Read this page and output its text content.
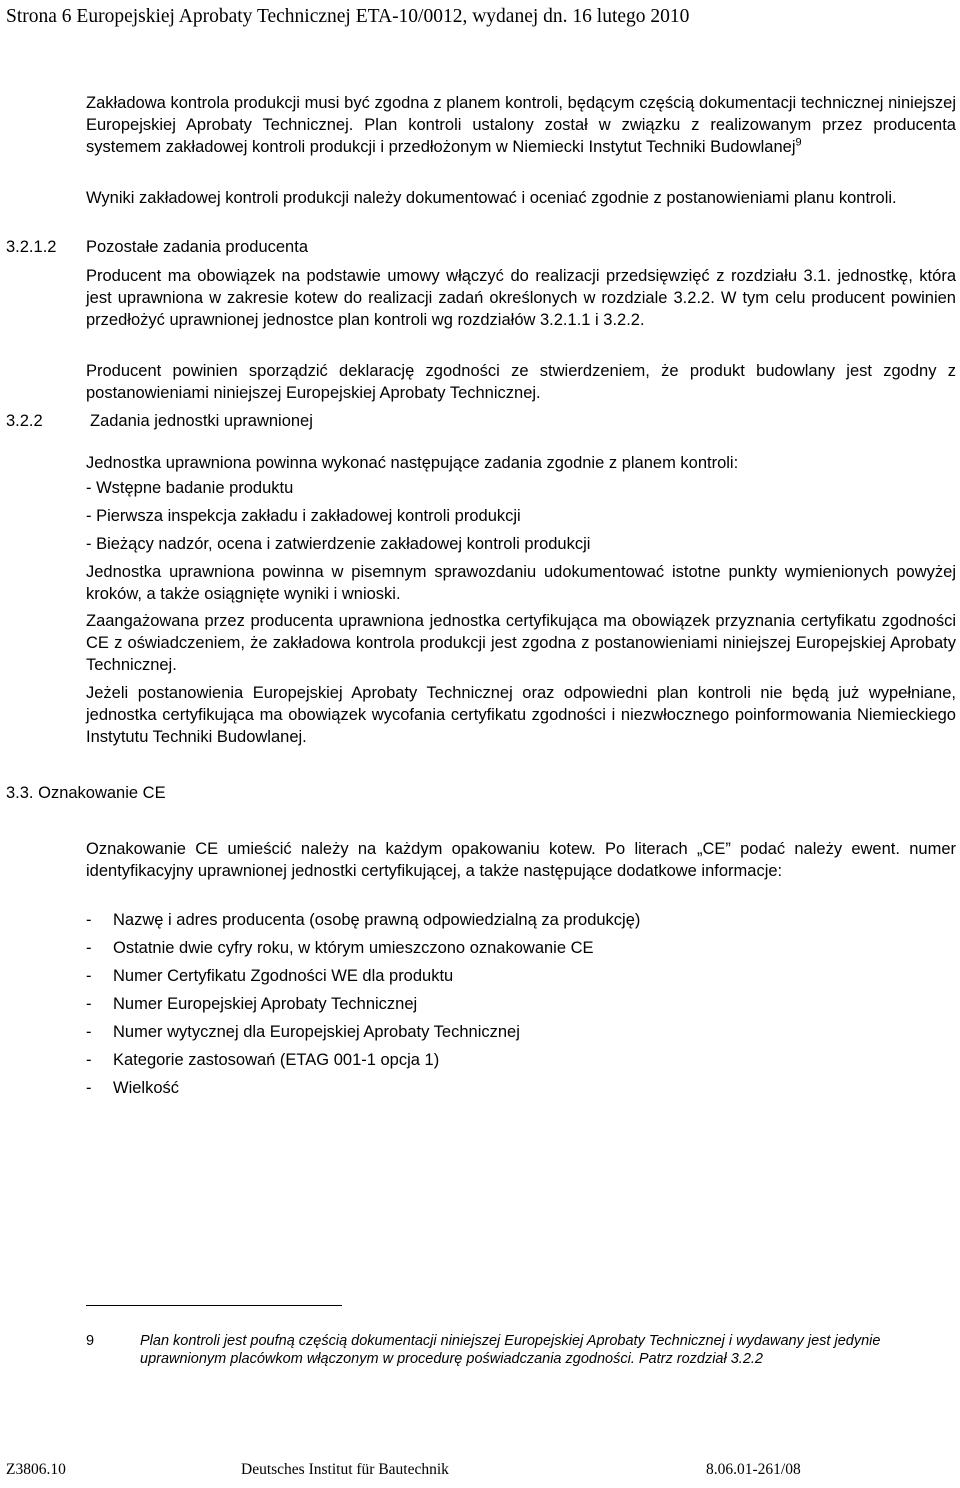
Strona 6 Europejskiej Aprobaty Technicznej ETA-10/0012, wydanej dn. 16 lutego 2010

Zakładowa kontrola produkcji musi być zgodna z planem kontroli, będącym częścią dokumentacji technicznej niniejszej Europejskiej Aprobaty Technicznej. Plan kontroli ustalony został w związku z realizowanym przez producenta systemem zakładowej kontroli produkcji i przedłożonym w Niemiecki Instytut Techniki Budowlanej$^9$

Wyniki zakładowej kontroli produkcji należy dokumentować i oceniać zgodnie z postanowieniami planu kontroli.

3.2.1.2 Pozostałe zadania producenta

Producent ma obowiązek na podstawie umowy włączyć do realizacji przedsięwzięć z rozdziału 3.1. jednostkę, która jest uprawniona w zakresie kotew do realizacji zadań określonych w rozdziale 3.2.2. W tym celu producent powinien przedłożyć uprawnionej jednostce plan kontroli wg rozdziałów 3.2.1.1 i 3.2.2.

Producent powinien sporządzić deklarację zgodności ze stwierdzeniem, że produkt budowlany jest zgodny z postanowieniami niniejszej Europejskiej Aprobaty Technicznej.

3.2.2	Zadania jednostki uprawnionej

Jednostka uprawniona powinna wykonać następujące zadania zgodnie z planem kontroli:

- Wstępne badanie produktu
- Pierwsza inspekcja zakładu i zakładowej kontroli produkcji
- Bieżący nadzór, ocena i zatwierdzenie zakładowej kontroli produkcji

Jednostka uprawniona powinna w pisemnym sprawozdaniu udokumentować istotne punkty wymienionych powyżej kroków, a także osiągnięte wyniki i wnioski.

Zaangażowana przez producenta uprawniona jednostka certyfikująca ma obowiązek przyznania certyfikatu zgodności CE z oświadczeniem, że zakładowa kontrola produkcji jest zgodna z postanowieniami niniejszej Europejskiej Aprobaty Technicznej.

Jeżeli postanowienia Europejskiej Aprobaty Technicznej oraz odpowiedni plan kontroli nie będą już wypełniane, jednostka certyfikująca ma obowiązek wycofania certyfikatu zgodności i niezwłocznego poinformowania Niemieckiego Instytutu Techniki Budowlanej.

3.3. Oznakowanie CE

Oznakowanie CE umieścić należy na każdym opakowaniu kotew. Po literach „CE” podać należy ewent. numer identyfikacyjny uprawnionej jednostki certyfikującej, a także następujące dodatkowe informacje:

- Nazwę i adres producenta (osobę prawną odpowiedzialną za produkcję)
- Ostatnie dwie cyfry roku, w którym umieszczono oznakowanie CE
- Numer Certyfikatu Zgodności WE dla produktu
- Numer Europejskiej Aprobaty Technicznej
- Numer wytycznej dla Europejskiej Aprobaty Technicznej
- Kategorie zastosowań (ETAG 001-1 opcja 1)
- Wielkość
9	Plan kontroli jest poufną częścią dokumentacji niniejszej Europejskiej Aprobaty Technicznej i wydawany jest jedynie uprawnionym placówkom włączonym w procedurę poświadczania zgodności. Patrz rozdział 3.2.2
Z3806.10	Deutsches Institut für Bautechnik	8.06.01-261/08
